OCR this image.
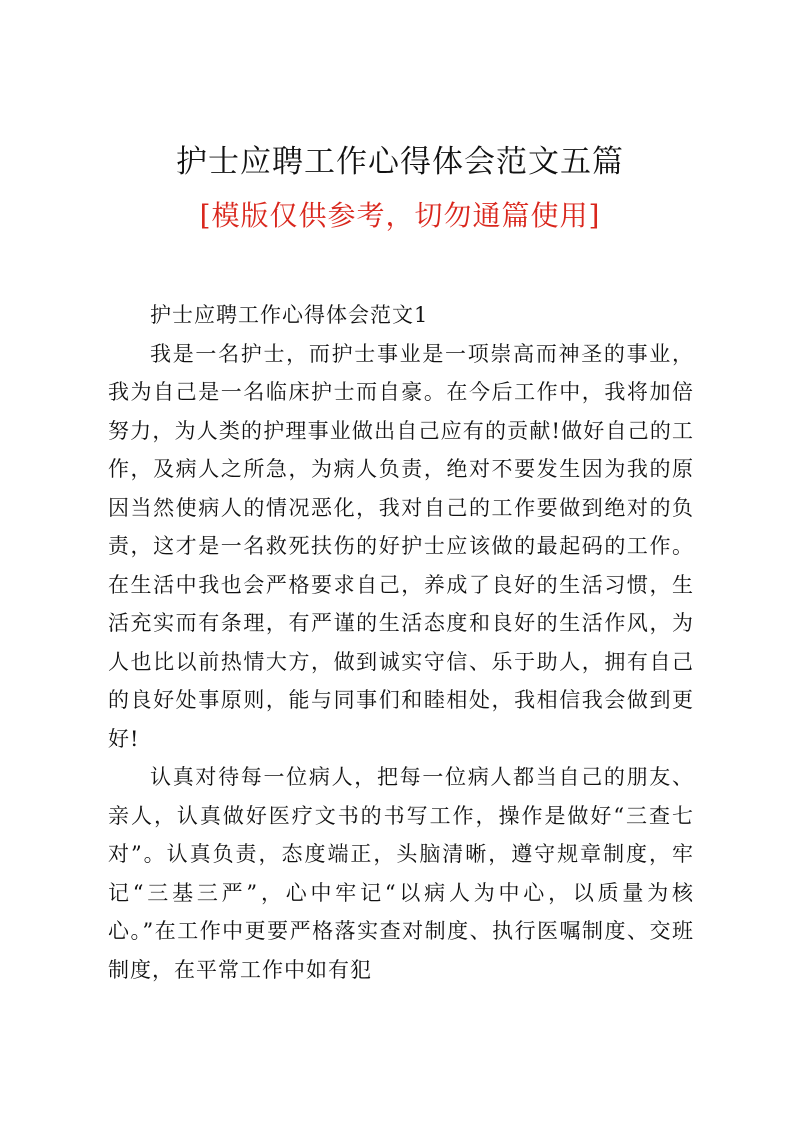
护士应聘工作心得体会范文五篇
[模版仅供参考，切勿通篇使用]

护士应聘工作心得体会范文1

我是一名护士，而护士事业是一项崇高而神圣的事业，我为自己是一名临床护士而自豪。在今后工作中，我将加倍努力，为人类的护理事业做出自己应有的贡献!做好自己的工作，及病人之所急，为病人负责，绝对不要发生因为我的原因当然使病人的情况恶化，我对自己的工作要做到绝对的负责，这才是一名救死扶伤的好护士应该做的最起码的工作。在生活中我也会严格要求自己，养成了良好的生活习惯，生活充实而有条理，有严谨的生活态度和良好的生活作风，为人也比以前热情大方，做到诚实守信、乐于助人，拥有自己的良好处事原则，能与同事们和睦相处，我相信我会做到更好!

认真对待每一位病人，把每一位病人都当自己的朋友、亲人，认真做好医疗文书的书写工作，操作是做好“三查七对”。认真负责，态度端正，头脑清晰，遵守规章制度，牢记“三基三严”，心中牢记“以病人为中心，以质量为核心。”在工作中更要严格落实查对制度、执行医嘱制度、交班制度，在平常工作中如有犯
